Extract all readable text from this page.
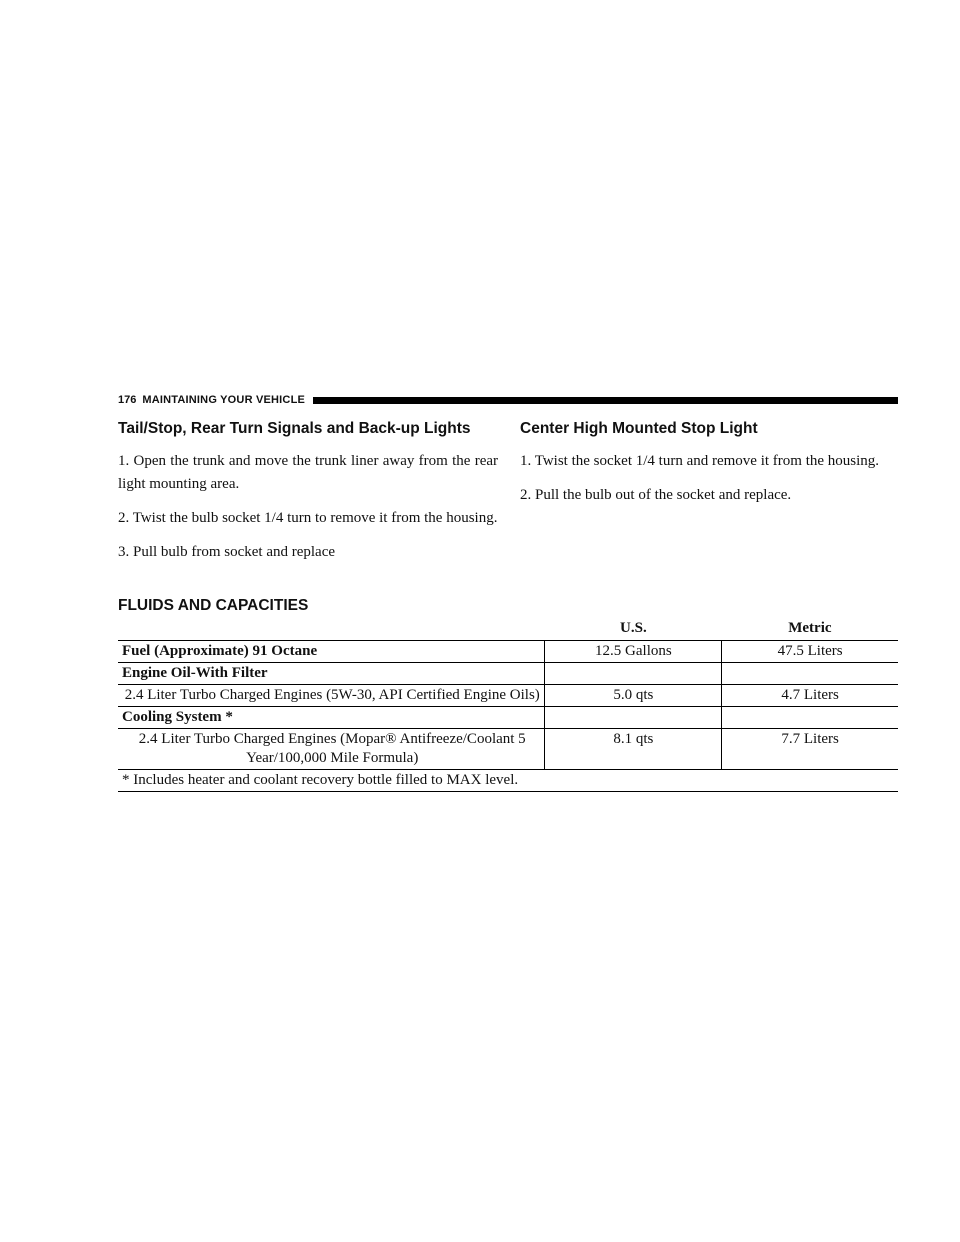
176 MAINTAINING YOUR VEHICLE
Tail/Stop, Rear Turn Signals and Back-up Lights

1. Open the trunk and move the trunk liner away from the rear light mounting area.

2. Twist the bulb socket 1/4 turn to remove it from the housing.

3. Pull bulb from socket and replace

Center High Mounted Stop Light

1. Twist the socket 1/4 turn and remove it from the housing.

2. Pull the bulb out of the socket and replace.

FLUIDS AND CAPACITIES
	U.S.	Metric
Fuel (Approximate) 91 Octane	12.5 Gallons	47.5 Liters
Engine Oil-With Filter		
2.4 Liter Turbo Charged Engines (5W-30, API Certified Engine Oils)	5.0 qts	4.7 Liters
Cooling System *		
2.4 Liter Turbo Charged Engines (Mopar® Antifreeze/Coolant 5 Year/100,000 Mile Formula)	8.1 qts	7.7 Liters
* Includes heater and coolant recovery bottle filled to MAX level.		
